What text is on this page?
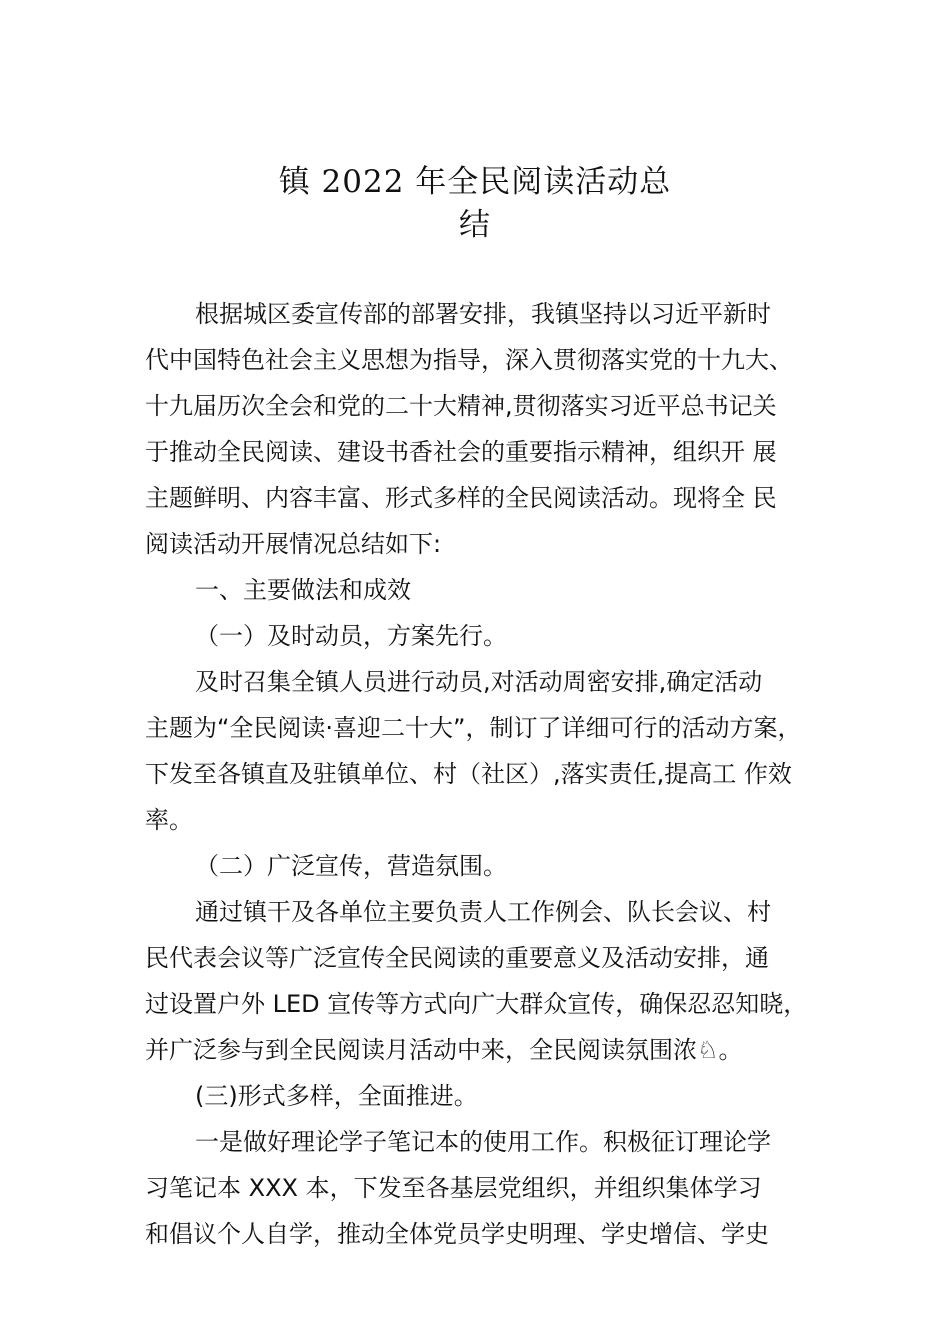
镇 2022 年全民阅读活动总
结
根据城区委宣传部的部署安排，我镇坚持以习近平新时
代中国特色社会主义思想为指导，深入贯彻落实党的十九大、
十九届历次全会和党的二十大精神,贯彻落实习近平总书记关
于推动全民阅读、建设书香社会的重要指示精神，组织开 展
主题鲜明、内容丰富、形式多样的全民阅读活动。现将全 民
阅读活动开展情况总结如下:
一、主要做法和成效
（一）及时动员，方案先行。
及时召集全镇人员进行动员,对活动周密安排,确定活动
主题为“全民阅读·喜迎二十大”，制订了详细可行的活动方案，
下发至各镇直及驻镇单位、村（社区）,落实责任,提高工 作效
率。
（二）广泛宣传，营造氛围。
通过镇干及各单位主要负责人工作例会、队长会议、村
民代表会议等广泛宣传全民阅读的重要意义及活动安排，通
过设置户外 LED 宣传等方式向广大群众宣传，确保忍忍知晓，
并广泛参与到全民阅读月活动中来，全民阅读氛围浓♘。
(三)形式多样，全面推进。
一是做好理论学子笔记本的使用工作。积极征订理论学
习笔记本 XXX 本，下发至各基层党组织，并组织集体学习
和倡议个人自学，推动全体党员学史明理、学史增信、学史
